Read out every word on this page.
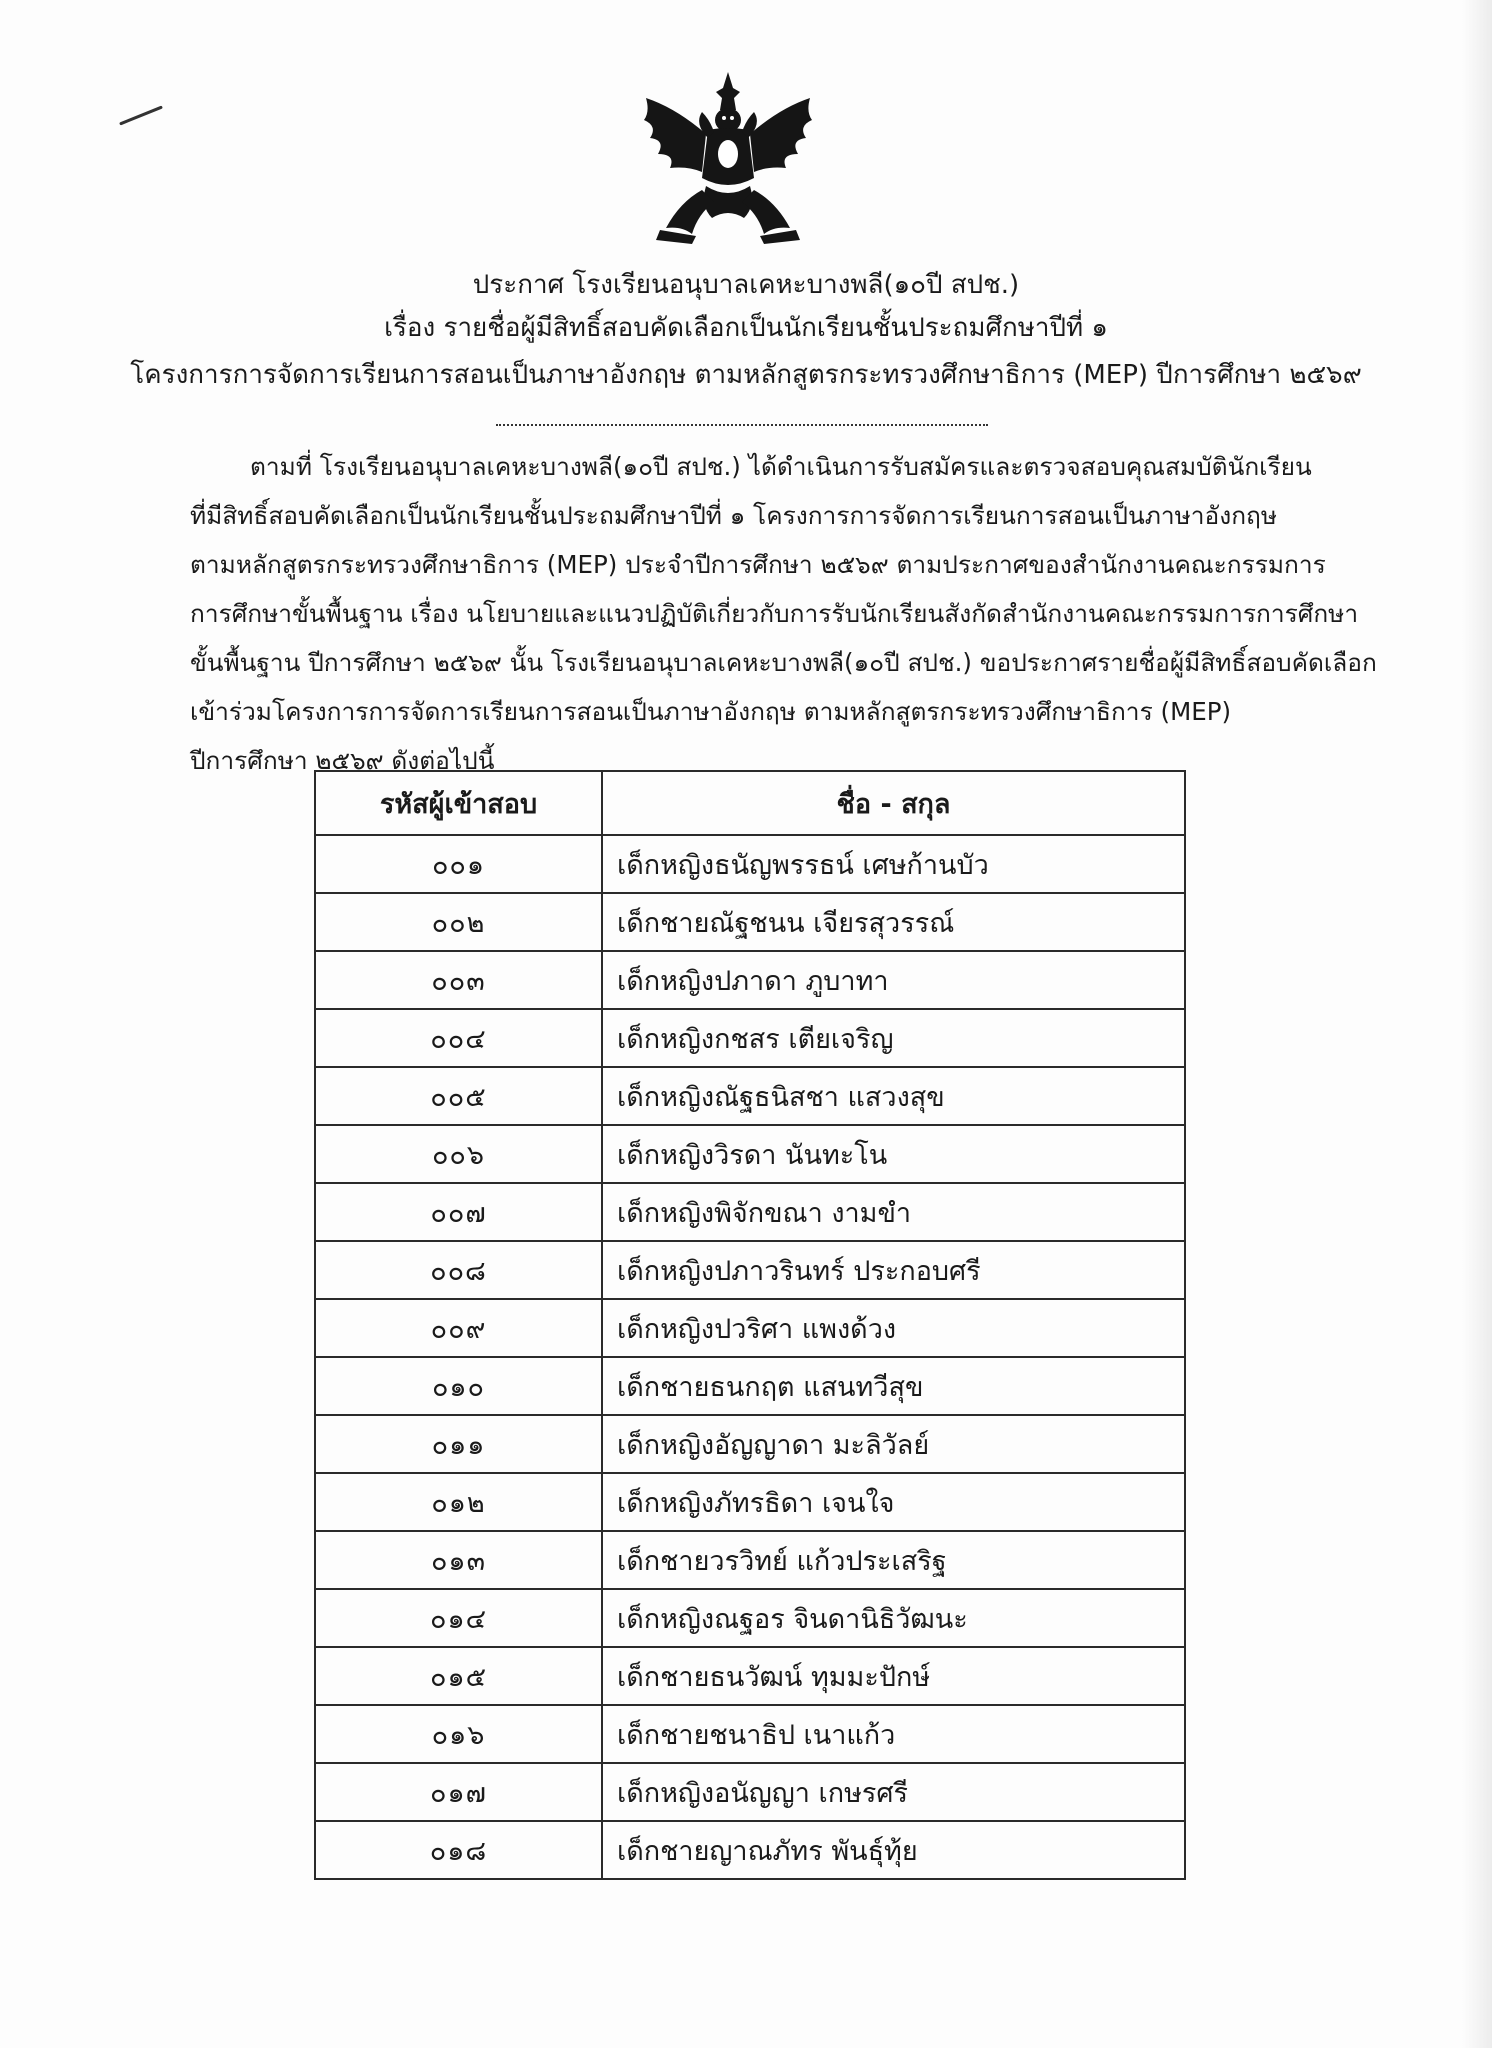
ประกาศ โรงเรียนอนุบาลเคหะบางพลี(๑๐ปี สปช.)
เรื่อง รายชื่อผู้มีสิทธิ์สอบคัดเลือกเป็นนักเรียนชั้นประถมศึกษาปีที่ ๑
โครงการการจัดการเรียนการสอนเป็นภาษาอังกฤษ ตามหลักสูตรกระทรวงศึกษาธิการ (MEP) ปีการศึกษา ๒๕๖๙
ตามที่ โรงเรียนอนุบาลเคหะบางพลี(๑๐ปี สปช.) ได้ดำเนินการรับสมัครและตรวจสอบคุณสมบัตินักเรียน
ที่มีสิทธิ์สอบคัดเลือกเป็นนักเรียนชั้นประถมศึกษาปีที่ ๑ โครงการการจัดการเรียนการสอนเป็นภาษาอังกฤษ
ตามหลักสูตรกระทรวงศึกษาธิการ (MEP) ประจำปีการศึกษา ๒๕๖๙ ตามประกาศของสำนักงานคณะกรรมการ
การศึกษาขั้นพื้นฐาน เรื่อง นโยบายและแนวปฏิบัติเกี่ยวกับการรับนักเรียนสังกัดสำนักงานคณะกรรมการการศึกษา
ขั้นพื้นฐาน ปีการศึกษา ๒๕๖๙ นั้น โรงเรียนอนุบาลเคหะบางพลี(๑๐ปี สปช.) ขอประกาศรายชื่อผู้มีสิทธิ์สอบคัดเลือก
เข้าร่วมโครงการการจัดการเรียนการสอนเป็นภาษาอังกฤษ ตามหลักสูตรกระทรวงศึกษาธิการ (MEP)
ปีการศึกษา ๒๕๖๙ ดังต่อไปนี้
รหัสผู้เข้าสอบ	ชื่อ - สกุล
๐๐๑	เด็กหญิงธนัญพรรธน์ เศษก้านบัว
๐๐๒	เด็กชายณัฐชนน เจียรสุวรรณ์
๐๐๓	เด็กหญิงปภาดา ภูบาทา
๐๐๔	เด็กหญิงกชสร เตียเจริญ
๐๐๕	เด็กหญิงณัฐธนิสชา แสวงสุข
๐๐๖	เด็กหญิงวิรดา นันทะโน
๐๐๗	เด็กหญิงพิจักขณา งามขำ
๐๐๘	เด็กหญิงปภาวรินทร์ ประกอบศรี
๐๐๙	เด็กหญิงปวริศา แพงด้วง
๐๑๐	เด็กชายธนกฤต แสนทวีสุข
๐๑๑	เด็กหญิงอัญญาดา มะลิวัลย์
๐๑๒	เด็กหญิงภัทรธิดา เจนใจ
๐๑๓	เด็กชายวรวิทย์ แก้วประเสริฐ
๐๑๔	เด็กหญิงณฐอร จินดานิธิวัฒนะ
๐๑๕	เด็กชายธนวัฒน์ ทุมมะปักษ์
๐๑๖	เด็กชายชนาธิป เนาแก้ว
๐๑๗	เด็กหญิงอนัญญา เกษรศรี
๐๑๘	เด็กชายญาณภัทร พันธุ์ทุ้ย
